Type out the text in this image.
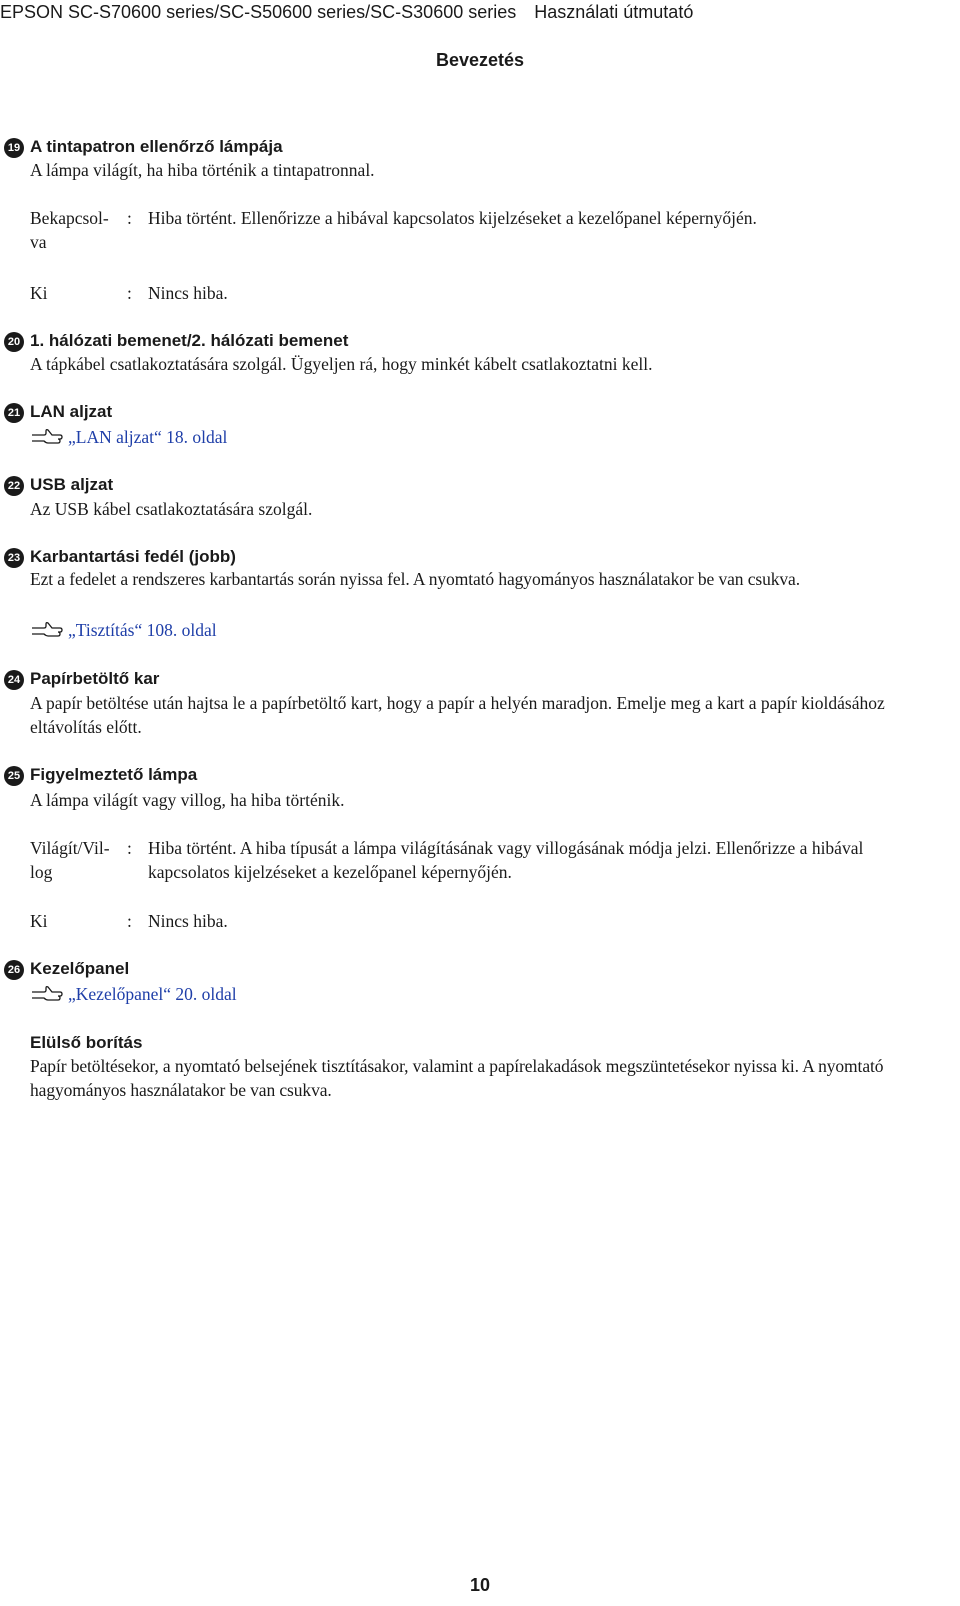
EPSON SC-S70600 series/SC-S50600 series/SC-S30600 series Használati útmutató
Bevezetés
19 A tintapatron ellenőrző lámpája
A lámpa világít, ha hiba történik a tintapatronnal.
Bekapcsol-
va
: Hiba történt. Ellenőrizze a hibával kapcsolatos kijelzéseket a kezelőpanel képernyőjén.
Ki	: Nincs hiba.
20 1. hálózati bemenet/2. hálózati bemenet
A tápkábel csatlakoztatására szolgál. Ügyeljen rá, hogy minkét kábelt csatlakoztatni kell.
21 LAN aljzat
„LAN aljzat“ 18. oldal
22 USB aljzat
Az USB kábel csatlakoztatására szolgál.
23 Karbantartási fedél (jobb)
Ezt a fedelet a rendszeres karbantartás során nyissa fel. A nyomtató hagyományos használatakor be van csukva.
„Tisztítás“ 108. oldal
24 Papírbetöltő kar
A papír betöltése után hajtsa le a papírbetöltő kart, hogy a papír a helyén maradjon. Emelje meg a kart a papír kioldásához eltávolítás előtt.
25 Figyelmeztető lámpa
A lámpa világít vagy villog, ha hiba történik.
Világít/Vil-
log
: Hiba történt. A hiba típusát a lámpa világításának vagy villogásának módja jelzi. Ellenőrizze a hibával kapcsolatos kijelzéseket a kezelőpanel képernyőjén.
Ki	: Nincs hiba.
26 Kezelőpanel
„Kezelőpanel“ 20. oldal
Elülső borítás
Papír betöltésekor, a nyomtató belsejének tisztításakor, valamint a papírelakadások megszüntetésekor nyissa ki. A nyomtató hagyományos használatakor be van csukva.
10
